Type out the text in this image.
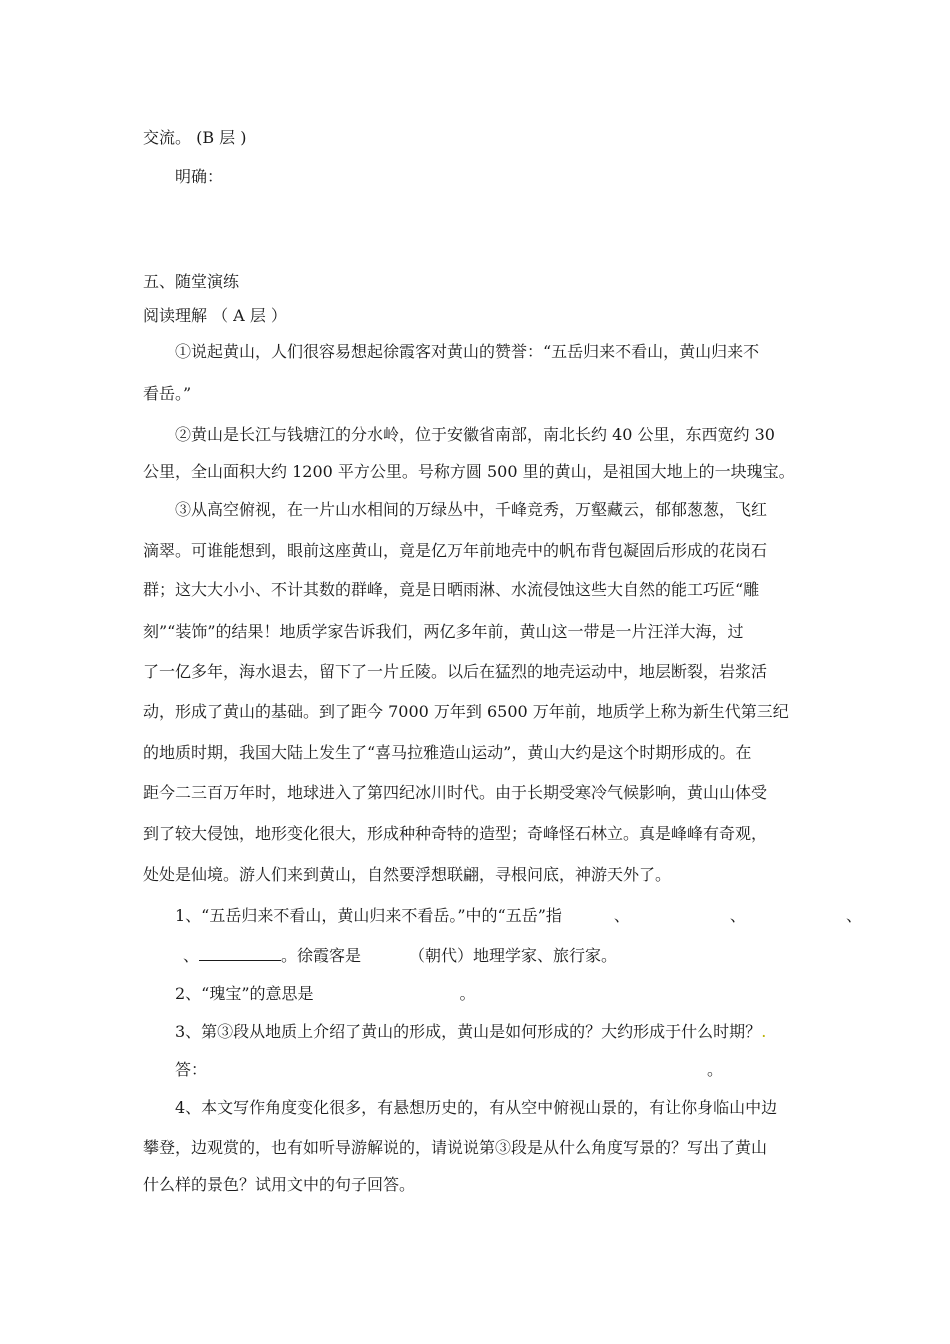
交流。 (B 层 )
明确：
五、随堂演练
阅读理解 （ A 层 ）
①说起黄山，人们很容易想起徐霞客对黄山的赞誉：“五岳归来不看山，黄山归来不
看岳。”
②黄山是长江与钱塘江的分水岭，位于安徽省南部，南北长约 40 公里，东西宽约 30
公里，全山面积大约 1200 平方公里。号称方圆 500 里的黄山，是祖国大地上的一块瑰宝。
③从高空俯视，在一片山水相间的万绿丛中，千峰竞秀，万壑藏云，郁郁葱葱，飞红
滴翠。可谁能想到，眼前这座黄山，竟是亿万年前地壳中的帆布背包凝固后形成的花岗石
群；这大大小小、不计其数的群峰，竟是日晒雨淋、水流侵蚀这些大自然的能工巧匠“雕
刻”“装饰”的结果！地质学家告诉我们，两亿多年前，黄山这一带是一片汪洋大海，过
了一亿多年，海水退去，留下了一片丘陵。以后在猛烈的地壳运动中，地层断裂，岩浆活
动，形成了黄山的基础。到了距今 7000 万年到 6500 万年前，地质学上称为新生代第三纪
的地质时期，我国大陆上发生了“喜马拉雅造山运动”，黄山大约是这个时期形成的。在
距今二三百万年时，地球进入了第四纪冰川时代。由于长期受寒冷气候影响，黄山山体受
到了较大侵蚀，地形变化很大，形成种种奇特的造型；奇峰怪石林立。真是峰峰有奇观，
处处是仙境。游人们来到黄山，自然要浮想联翩，寻根问底，神游天外了。
1、“五岳归来不看山，黄山归来不看岳。”中的“五岳”指	、	、	、
、	。徐霞客是	（朝代）地理学家、旅行家。
2、“瑰宝”的意思是	。
3、第③段从地质上介绍了黄山的形成，黄山是如何形成的？大约形成于什么时期？.
答：	。
4、本文写作角度变化很多，有悬想历史的，有从空中俯视山景的，有让你身临山中边
攀登，边观赏的，也有如听导游解说的，请说说第③段是从什么角度写景的？写出了黄山
什么样的景色？试用文中的句子回答。
